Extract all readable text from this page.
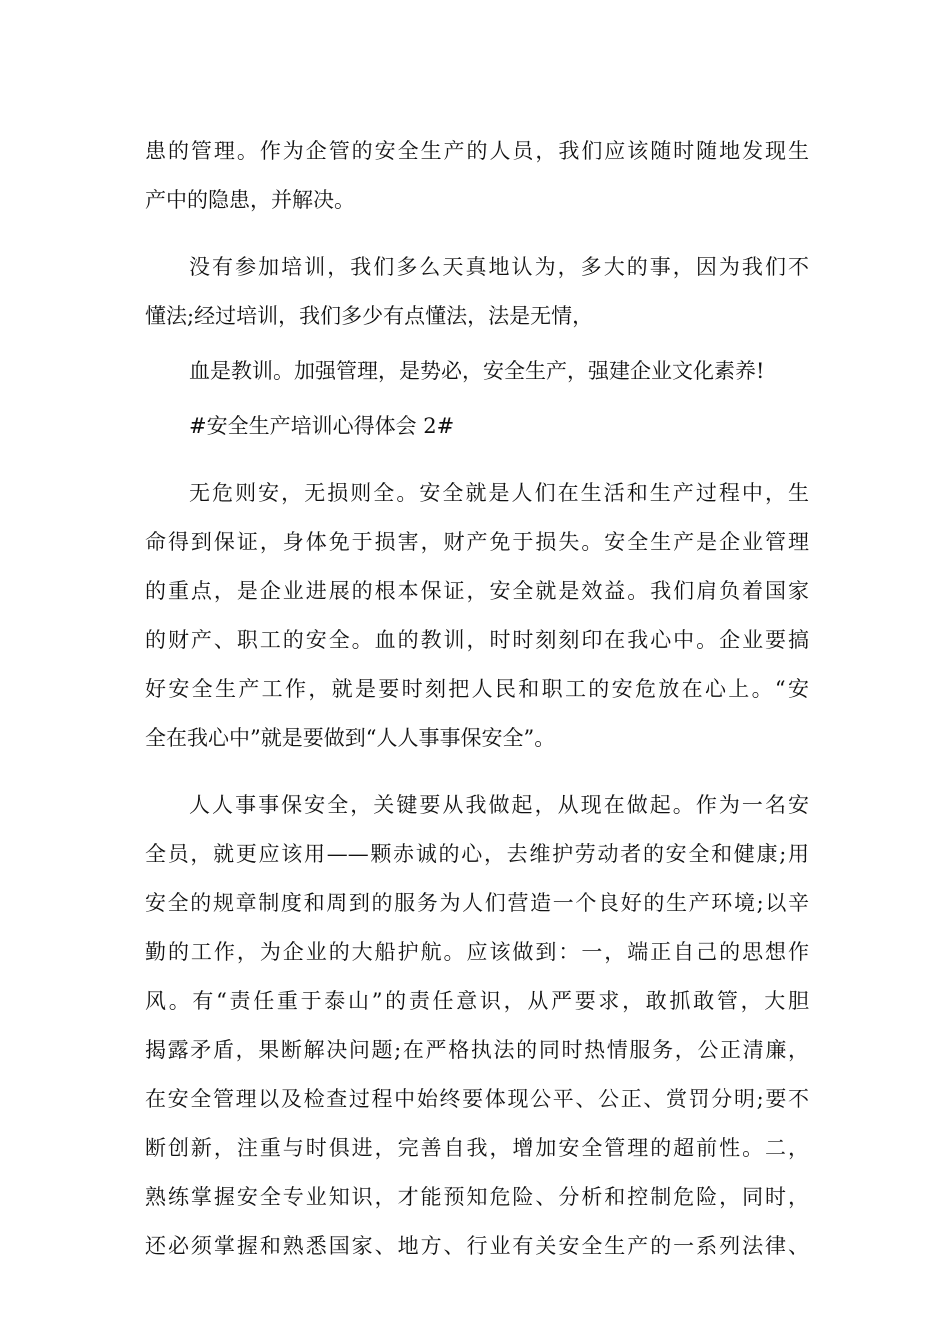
患的管理。作为企管的安全生产的人员，我们应该随时随地发现生
产中的隐患，并解决。
没有参加培训，我们多么天真地认为，多大的事，因为我们不
懂法;经过培训，我们多少有点懂法，法是无情，
血是教训。加强管理，是势必，安全生产，强建企业文化素养!
#安全生产培训心得体会 2#
无危则安，无损则全。安全就是人们在生活和生产过程中，生
命得到保证，身体免于损害，财产免于损失。安全生产是企业管理
的重点，是企业进展的根本保证，安全就是效益。我们肩负着国家
的财产、职工的安全。血的教训，时时刻刻印在我心中。企业要搞
好安全生产工作，就是要时刻把人民和职工的安危放在心上。“安
全在我心中”就是要做到“人人事事保安全”。
人人事事保安全，关键要从我做起，从现在做起。作为一名安
全员，就更应该用——颗赤诚的心，去维护劳动者的安全和健康;用
安全的规章制度和周到的服务为人们营造一个良好的生产环境;以辛
勤的工作，为企业的大船护航。应该做到：一，端正自己的思想作
风。有“责任重于泰山”的责任意识，从严要求，敢抓敢管，大胆
揭露矛盾，果断解决问题;在严格执法的同时热情服务，公正清廉，
在安全管理以及检查过程中始终要体现公平、公正、赏罚分明;要不
断创新，注重与时俱进，完善自我，增加安全管理的超前性。二，
熟练掌握安全专业知识，才能预知危险、分析和控制危险，同时，
还必须掌握和熟悉国家、地方、行业有关安全生产的一系列法律、
